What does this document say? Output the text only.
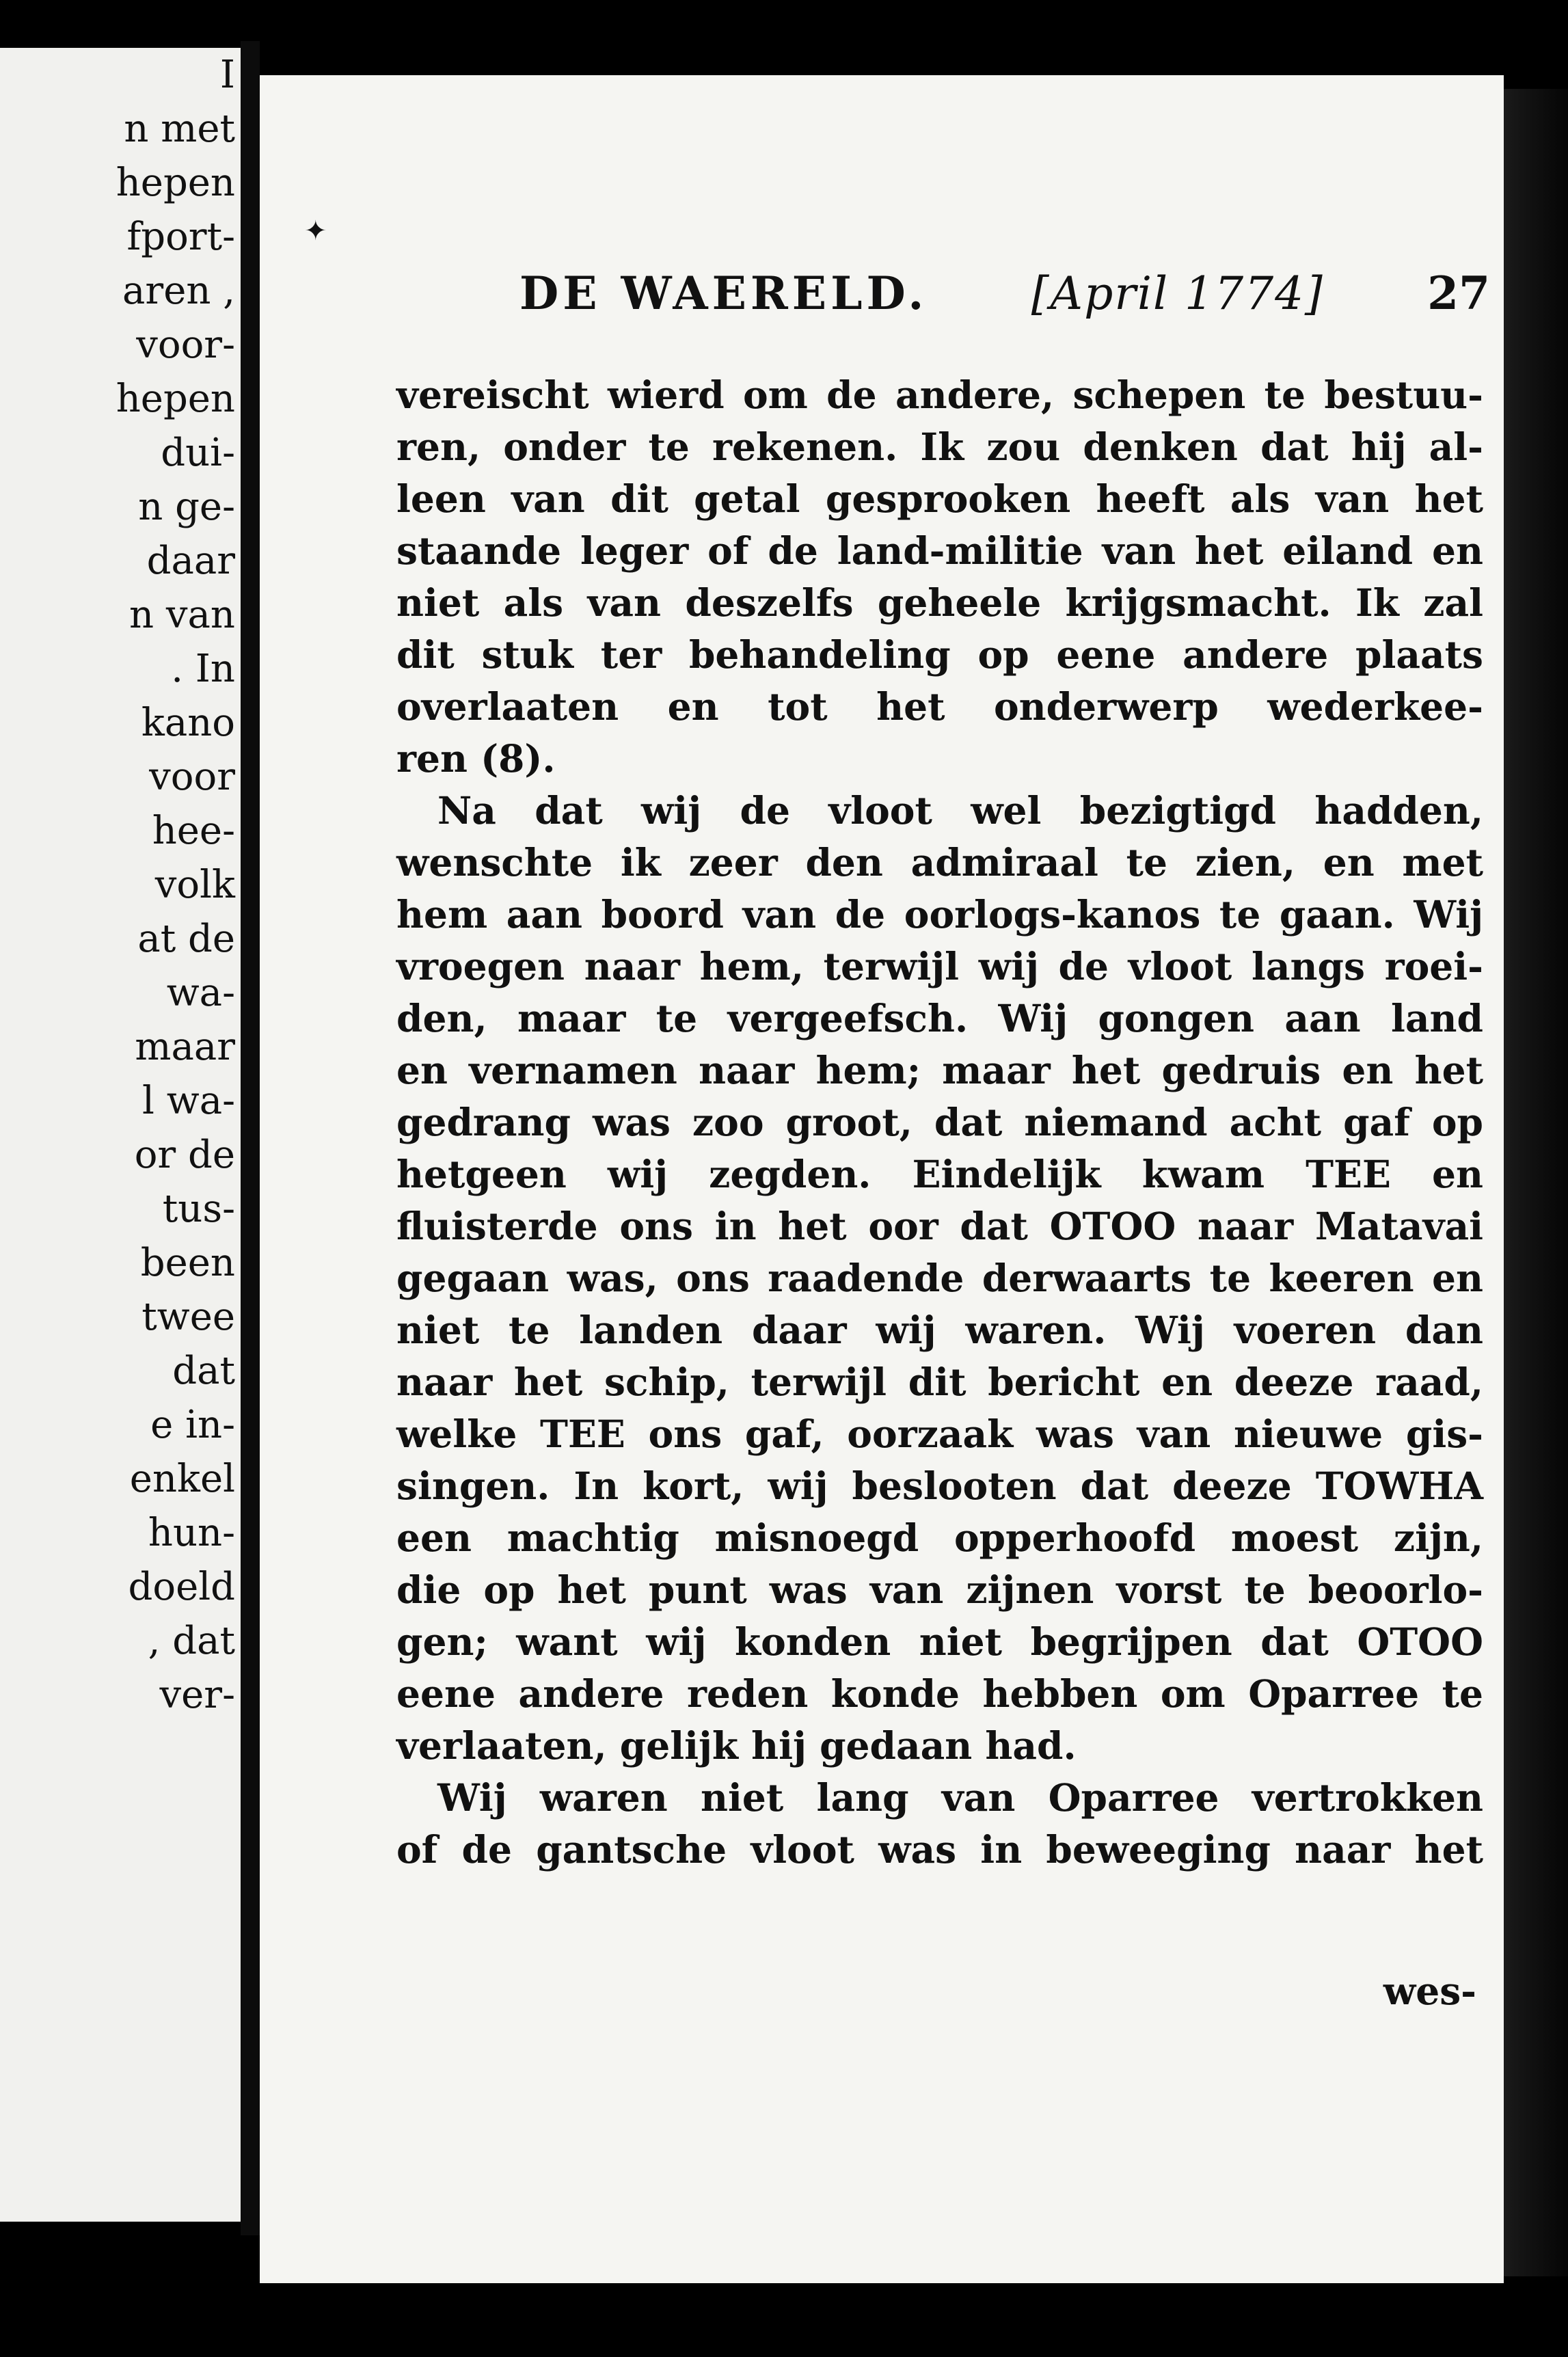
I
n met
hepen
fport-
aren ,
voor-
hepen
dui-
n ge-
daar
n van
. In
kano
voor
hee-
volk
at de
wa-
maar
l wa-
or de
tus-
been
twee
dat
e in-
enkel
hun-
doeld
, dat
ver-
✦
DE WAERELD. [April 1774] 27
vereischt wierd om de andere, schepen te bestuu-
ren, onder te rekenen. Ik zou denken dat hij al-
leen van dit getal gesprooken heeft als van het
staande leger of de land-militie van het eiland en
niet als van deszelfs geheele krijgsmacht. Ik zal
dit stuk ter behandeling op eene andere plaats
overlaaten en tot het onderwerp wederkee-
ren (8).
Na dat wij de vloot wel bezigtigd hadden,
wenschte ik zeer den admiraal te zien, en met
hem aan boord van de oorlogs-kanos te gaan. Wij
vroegen naar hem, terwijl wij de vloot langs roei-
den, maar te vergeefsch. Wij gongen aan land
en vernamen naar hem; maar het gedruis en het
gedrang was zoo groot, dat niemand acht gaf op
hetgeen wij zegden. Eindelijk kwam TEE en
fluisterde ons in het oor dat OTOO naar Matavai
gegaan was, ons raadende derwaarts te keeren en
niet te landen daar wij waren. Wij voeren dan
naar het schip, terwijl dit bericht en deeze raad,
welke TEE ons gaf, oorzaak was van nieuwe gis-
singen. In kort, wij beslooten dat deeze TOWHA
een machtig misnoegd opperhoofd moest zijn,
die op het punt was van zijnen vorst te beoorlo-
gen; want wij konden niet begrijpen dat OTOO
eene andere reden konde hebben om Oparree te
verlaaten, gelijk hij gedaan had.
Wij waren niet lang van Oparree vertrokken
of de gantsche vloot was in beweeging naar het
wes-
